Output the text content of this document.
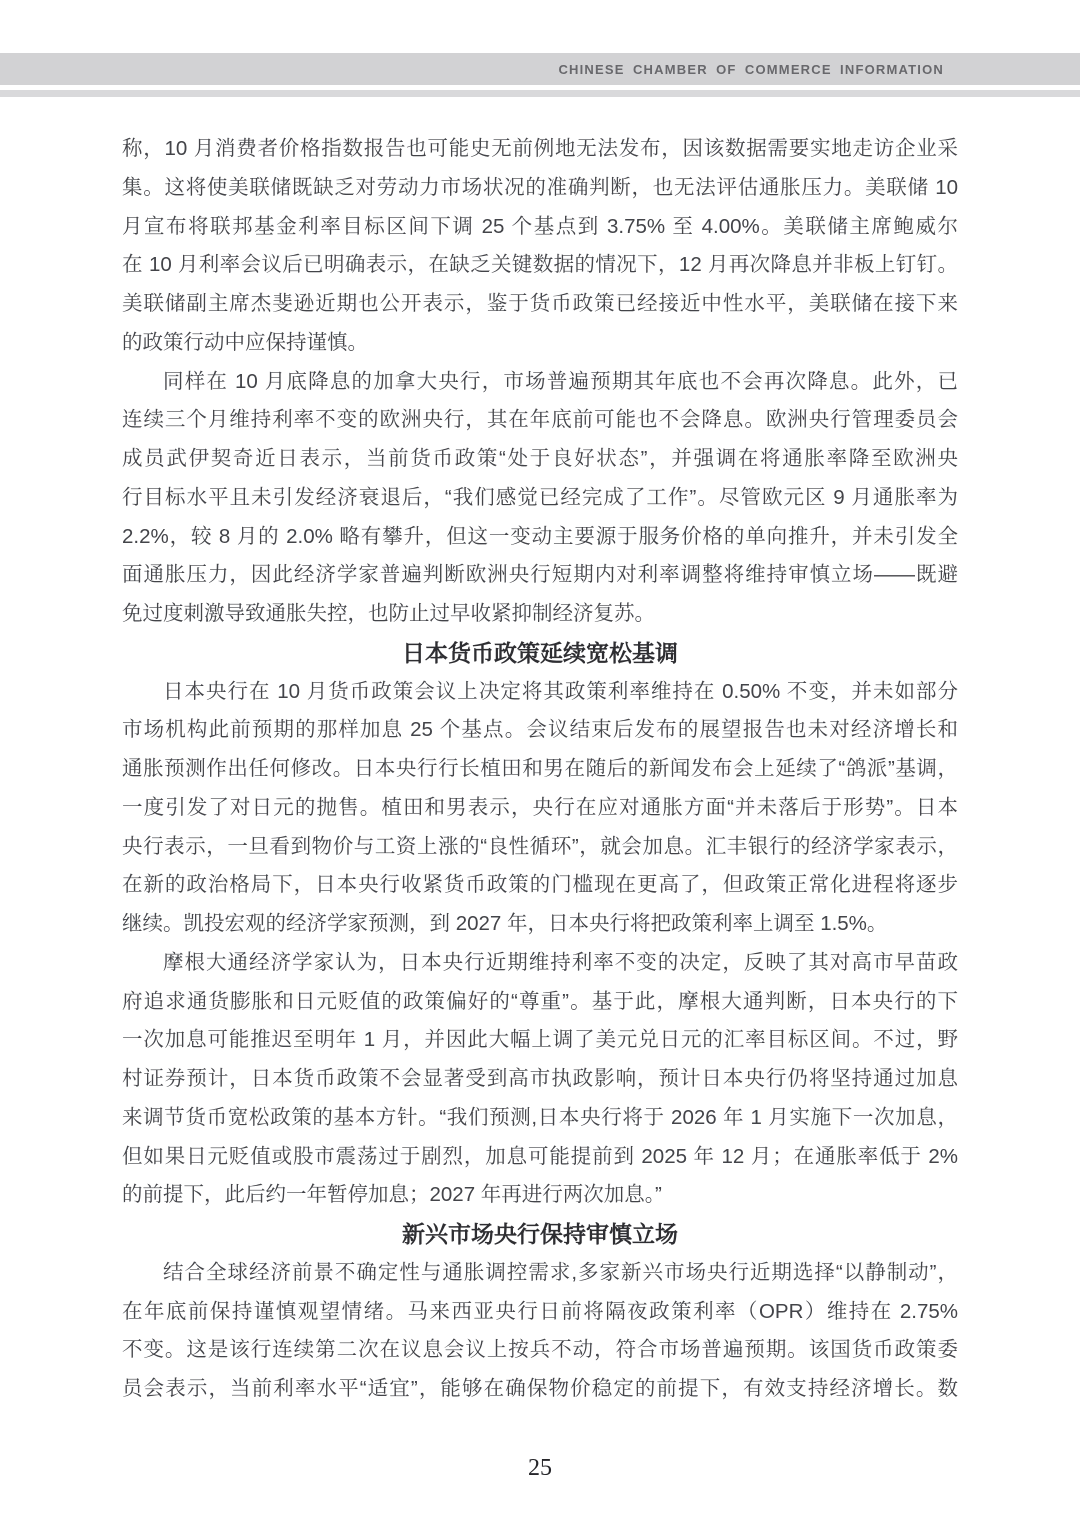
CHINESE CHAMBER OF COMMERCE INFORMATION
称，10 月消费者价格指数报告也可能史无前例地无法发布，因该数据需要实地走访企业采
集。这将使美联储既缺乏对劳动力市场状况的准确判断，也无法评估通胀压力。美联储 10
月宣布将联邦基金利率目标区间下调 25 个基点到 3.75% 至 4.00%。美联储主席鲍威尔
在 10 月利率会议后已明确表示，在缺乏关键数据的情况下，12 月再次降息并非板上钉钉。
美联储副主席杰斐逊近期也公开表示，鉴于货币政策已经接近中性水平，美联储在接下来
的政策行动中应保持谨慎。
同样在 10 月底降息的加拿大央行，市场普遍预期其年底也不会再次降息。此外，已
连续三个月维持利率不变的欧洲央行，其在年底前可能也不会降息。欧洲央行管理委员会
成员武伊契奇近日表示，当前货币政策“处于良好状态”，并强调在将通胀率降至欧洲央
行目标水平且未引发经济衰退后，“我们感觉已经完成了工作”。尽管欧元区 9 月通胀率为
2.2%，较 8 月的 2.0% 略有攀升，但这一变动主要源于服务价格的单向推升，并未引发全
面通胀压力，因此经济学家普遍判断欧洲央行短期内对利率调整将维持审慎立场——既避
免过度刺激导致通胀失控，也防止过早收紧抑制经济复苏。
日本货币政策延续宽松基调
日本央行在 10 月货币政策会议上决定将其政策利率维持在 0.50% 不变，并未如部分
市场机构此前预期的那样加息 25 个基点。会议结束后发布的展望报告也未对经济增长和
通胀预测作出任何修改。日本央行行长植田和男在随后的新闻发布会上延续了“鸽派”基调，
一度引发了对日元的抛售。植田和男表示，央行在应对通胀方面“并未落后于形势”。日本
央行表示，一旦看到物价与工资上涨的“良性循环”，就会加息。汇丰银行的经济学家表示，
在新的政治格局下，日本央行收紧货币政策的门槛现在更高了，但政策正常化进程将逐步
继续。凯投宏观的经济学家预测，到 2027 年，日本央行将把政策利率上调至 1.5%。
摩根大通经济学家认为，日本央行近期维持利率不变的决定，反映了其对高市早苗政
府追求通货膨胀和日元贬值的政策偏好的“尊重”。基于此，摩根大通判断，日本央行的下
一次加息可能推迟至明年 1 月，并因此大幅上调了美元兑日元的汇率目标区间。不过，野
村证券预计，日本货币政策不会显著受到高市执政影响，预计日本央行仍将坚持通过加息
来调节货币宽松政策的基本方针。“我们预测,日本央行将于 2026 年 1 月实施下一次加息，
但如果日元贬值或股市震荡过于剧烈，加息可能提前到 2025 年 12 月；在通胀率低于 2%
的前提下，此后约一年暂停加息；2027 年再进行两次加息。”
新兴市场央行保持审慎立场
结合全球经济前景不确定性与通胀调控需求,多家新兴市场央行近期选择“以静制动”，
在年底前保持谨慎观望情绪。马来西亚央行日前将隔夜政策利率（OPR）维持在 2.75%
不变。这是该行连续第二次在议息会议上按兵不动，符合市场普遍预期。该国货币政策委
员会表示，当前利率水平“适宜”，能够在确保物价稳定的前提下，有效支持经济增长。数
25
